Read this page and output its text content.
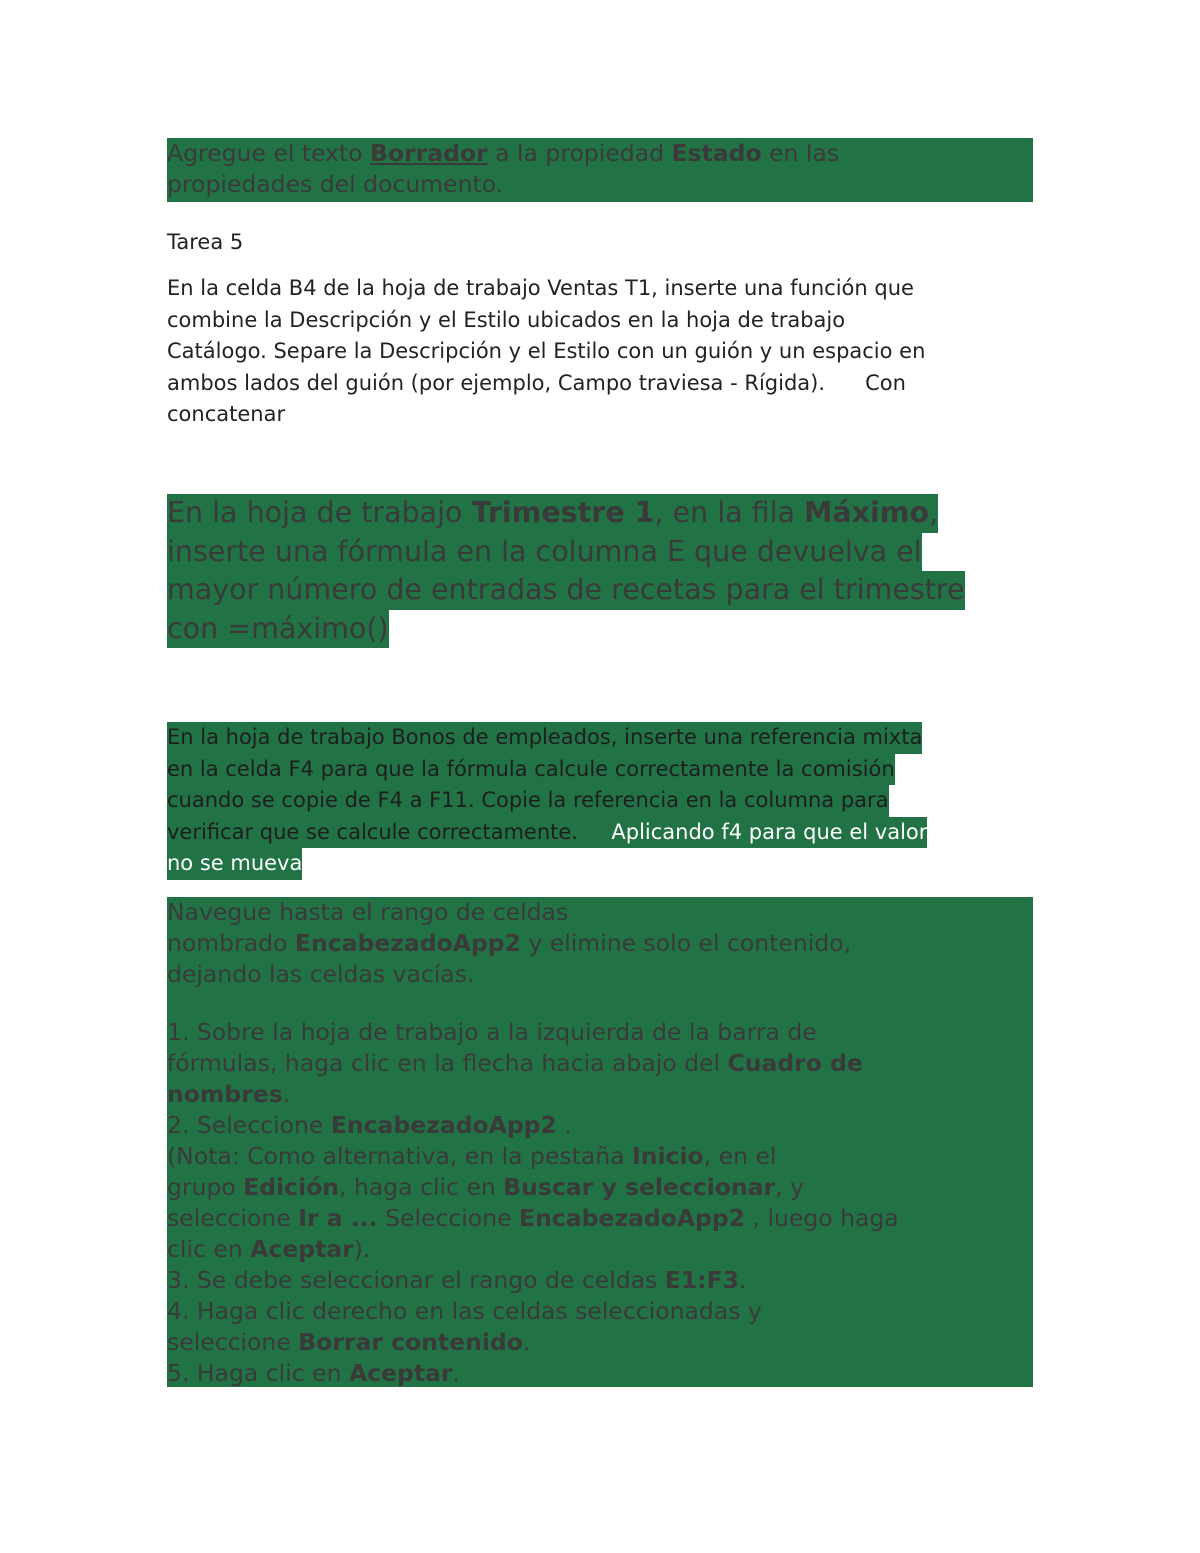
Agregue el texto Borrador a la propiedad Estado en las
propiedades del documento.
Tarea 5
En la celda B4 de la hoja de trabajo Ventas T1, inserte una función que
combine la Descripción y el Estilo ubicados en la hoja de trabajo
Catálogo. Separe la Descripción y el Estilo con un guión y un espacio en
ambos lados del guión (por ejemplo, Campo traviesa - Rígida).      Con
concatenar
En la hoja de trabajo Trimestre 1, en la fila Máximo,
inserte una fórmula en la columna E que devuelva el
mayor número de entradas de recetas para el trimestre
con =máximo()
En la hoja de trabajo Bonos de empleados, inserte una referencia mixta
en la celda F4 para que la fórmula calcule correctamente la comisión
cuando se copie de F4 a F11. Copie la referencia en la columna para
verificar que se calcule correctamente.     Aplicando f4 para que el valor
no se mueva
Navegue hasta el rango de celdas
nombrado EncabezadoApp2 y elimine solo el contenido,
dejando las celdas vacías.
1. Sobre la hoja de trabajo a la izquierda de la barra de
fórmulas, haga clic en la flecha hacia abajo del Cuadro de
nombres.
2. Seleccione EncabezadoApp2 .
(Nota: Como alternativa, en la pestaña Inicio, en el
grupo Edición, haga clic en Buscar y seleccionar, y
seleccione Ir a ... Seleccione EncabezadoApp2 , luego haga
clic en Aceptar).
3. Se debe seleccionar el rango de celdas E1:F3.
4. Haga clic derecho en las celdas seleccionadas y
seleccione Borrar contenido.
5. Haga clic en Aceptar.
